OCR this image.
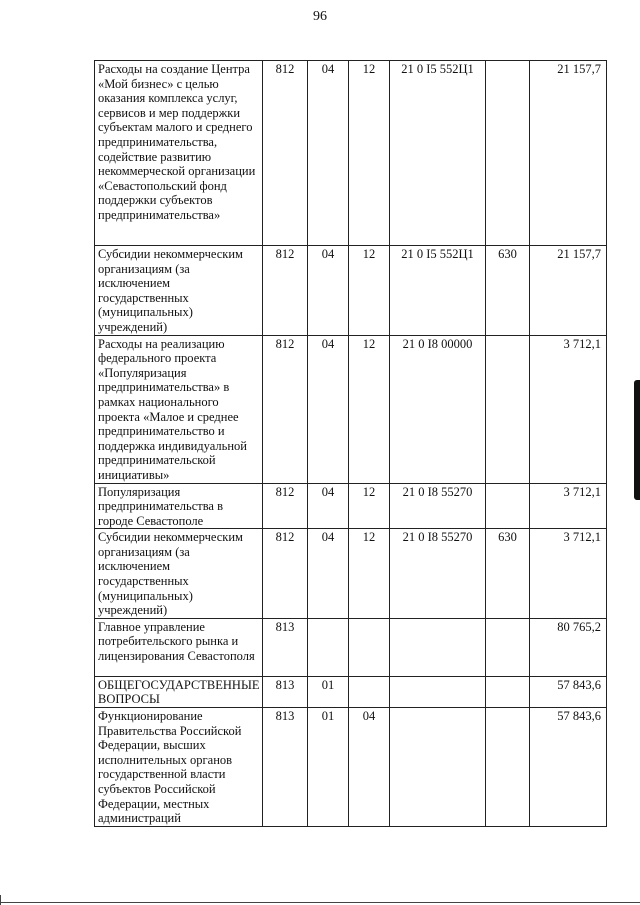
96
Расходы на создание Центра «Мой бизнес» с целью оказания комплекса услуг, сервисов и мер поддержки субъектам малого и среднего предпринимательства, содействие развитию некоммерческой организации «Севастопольский фонд поддержки субъектов предпринимательства»	812	04	12	21 0 I5 552Ц1		21 157,7
Субсидии некоммерческим организациям (за исключением государственных (муниципальных) учреждений)	812	04	12	21 0 I5 552Ц1	630	21 157,7
Расходы на реализацию федерального проекта «Популяризация предпринимательства» в рамках национального проекта «Малое и среднее предпринимательство и поддержка индивидуальной предпринимательской инициативы»	812	04	12	21 0 I8 00000		3 712,1
Популяризация предпринимательства в городе Севастополе	812	04	12	21 0 I8 55270		3 712,1
Субсидии некоммерческим организациям (за исключением государственных (муниципальных) учреждений)	812	04	12	21 0 I8 55270	630	3 712,1
Главное управление потребительского рынка и лицензирования Севастополя	813					80 765,2
ОБЩЕГОСУДАРСТВЕННЫЕ ВОПРОСЫ	813	01				57 843,6
Функционирование Правительства Российской Федерации, высших исполнительных органов государственной власти субъектов Российской Федерации, местных администраций	813	01	04			57 843,6
